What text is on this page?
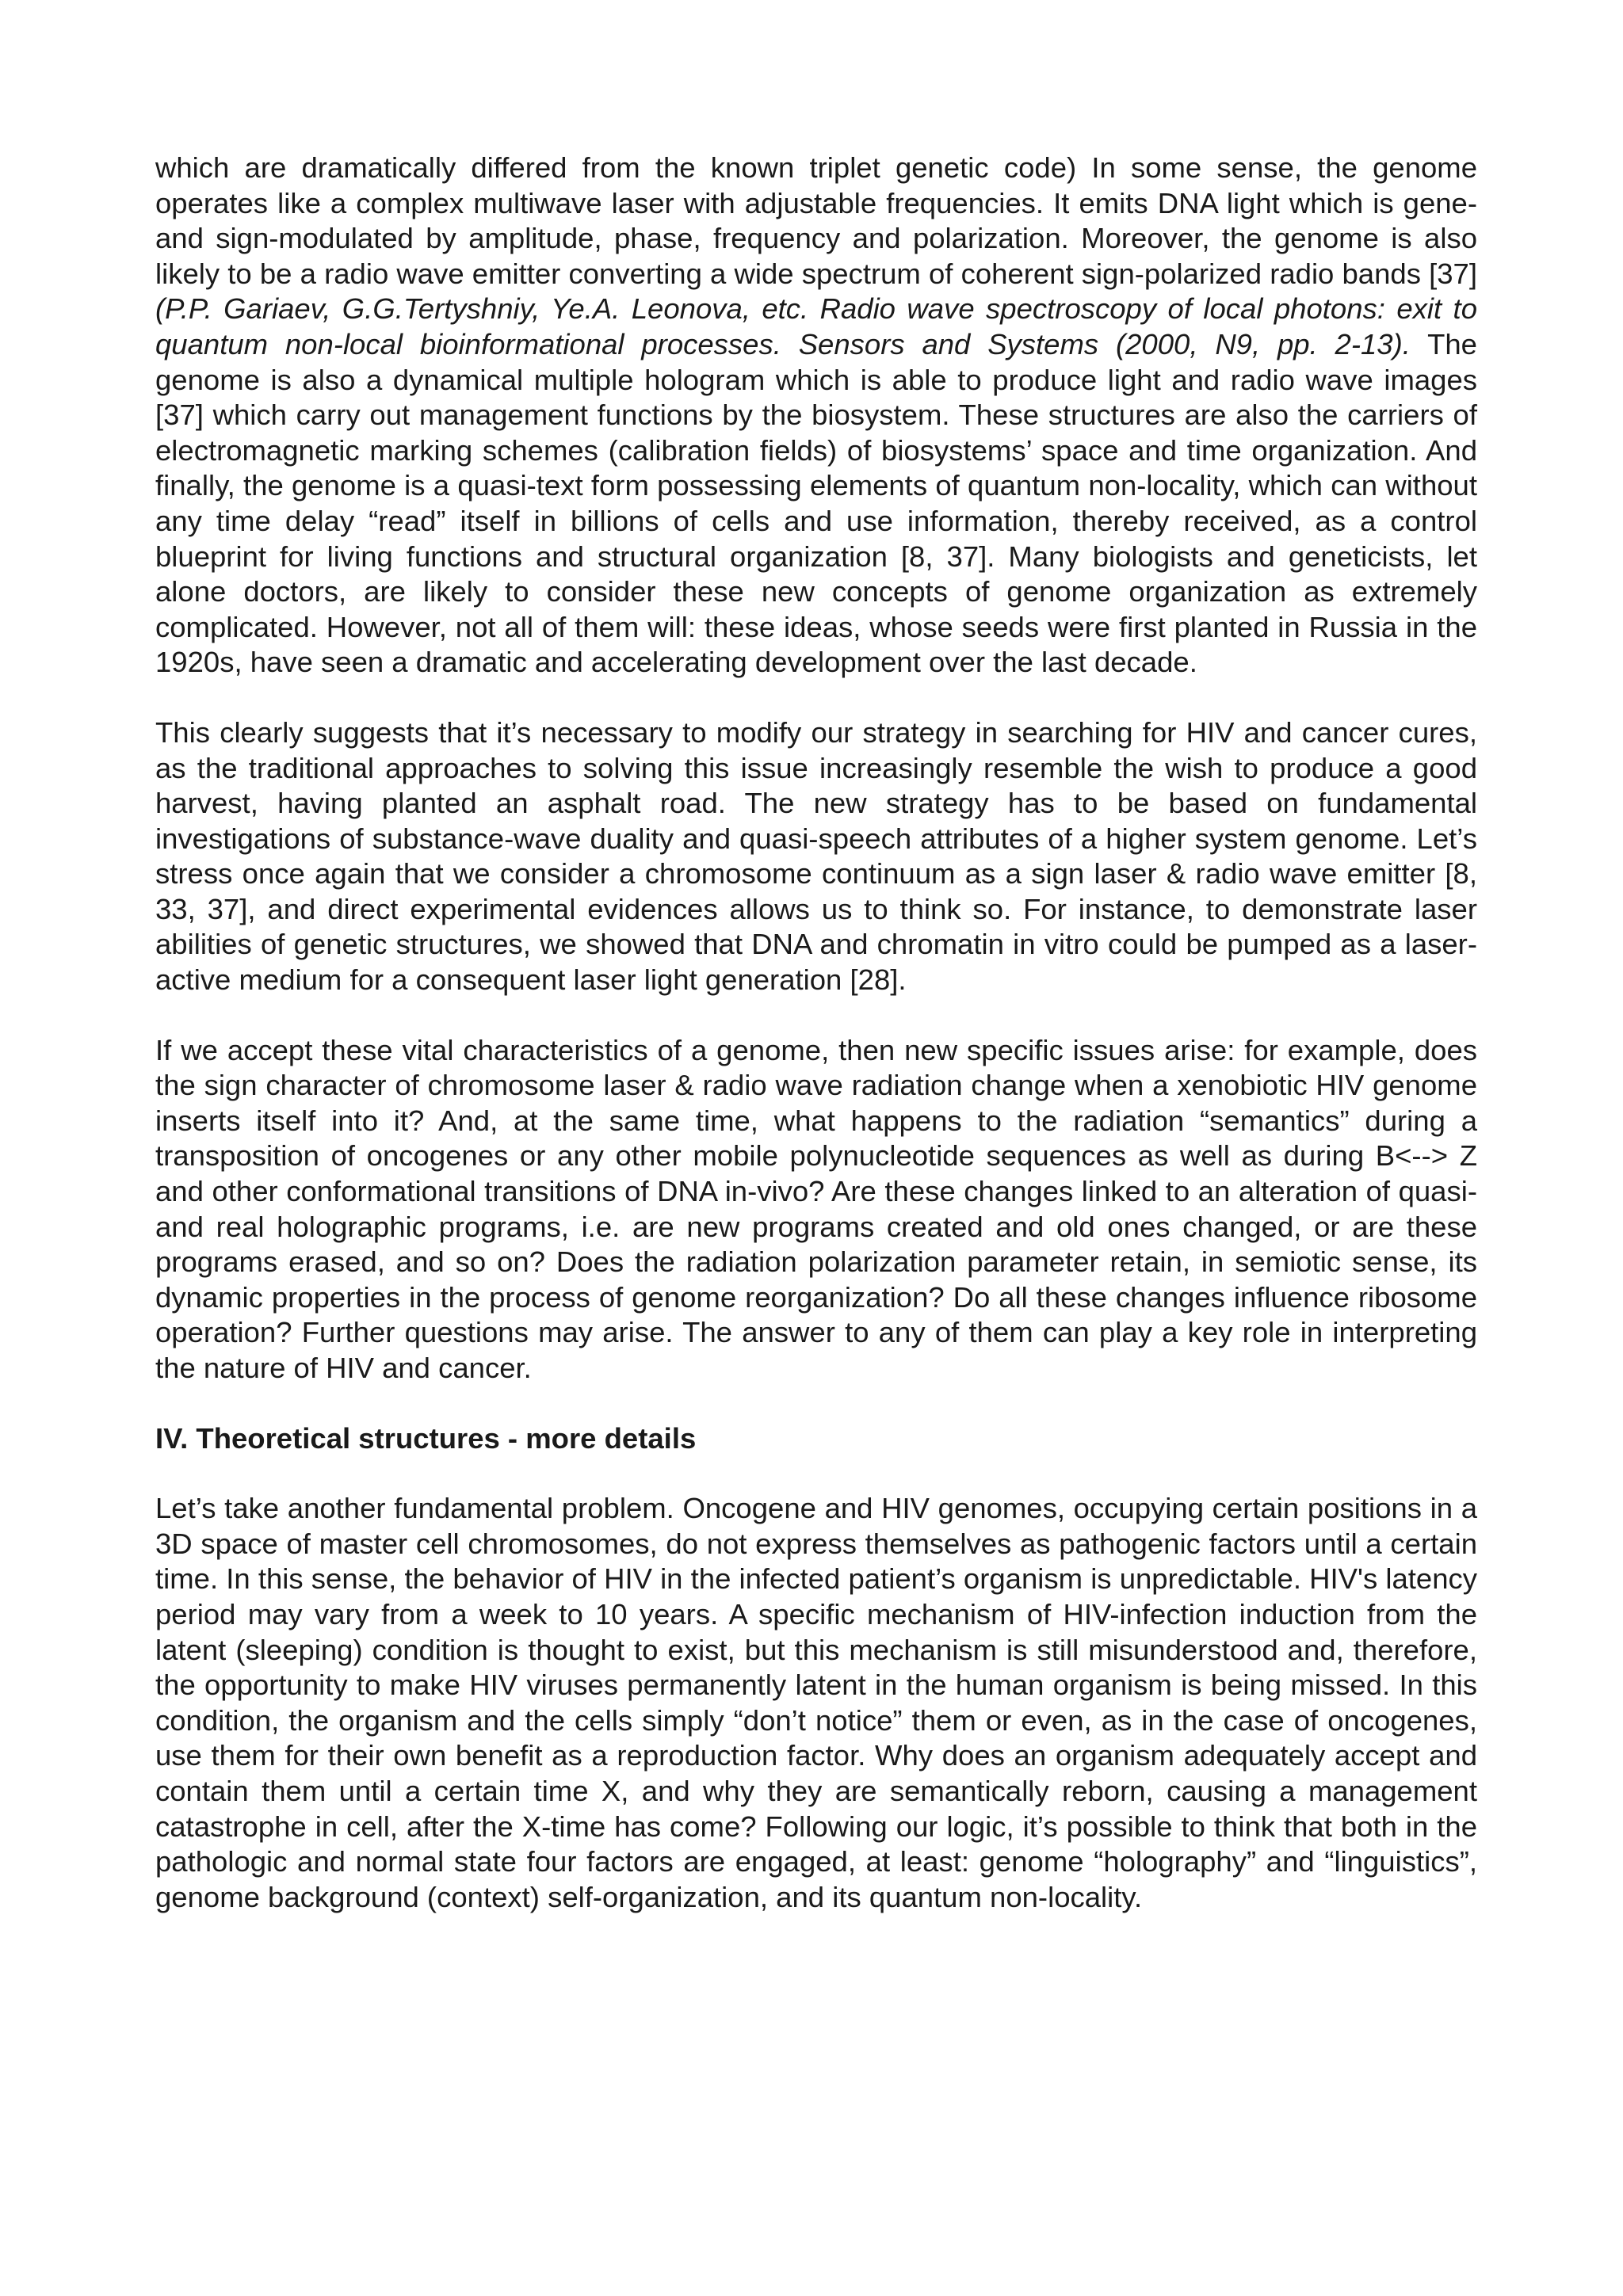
which are dramatically differed from the known triplet genetic code) In some sense, the genome operates like a complex multiwave laser with adjustable frequencies. It emits DNA light which is gene- and sign-modulated by amplitude, phase, frequency and polarization. Moreover, the genome is also likely to be a radio wave emitter converting a wide spectrum of coherent sign-polarized radio bands [37] (P.P. Gariaev, G.G.Tertyshniy, Ye.A. Leonova, etc. Radio wave spectroscopy of local photons: exit to quantum non-local bioinformational processes. Sensors and Systems (2000, N9, pp. 2-13). The genome is also a dynamical multiple hologram which is able to produce light and radio wave images [37] which carry out management functions by the biosystem. These structures are also the carriers of electromagnetic marking schemes (calibration fields) of biosystems’ space and time organization. And finally, the genome is a quasi-text form possessing elements of quantum non-locality, which can without any time delay “read” itself in billions of cells and use information, thereby received, as a control blueprint for living functions and structural organization [8, 37]. Many biologists and geneticists, let alone doctors, are likely to consider these new concepts of genome organization as extremely complicated. However, not all of them will: these ideas, whose seeds were first planted in Russia in the 1920s, have seen a dramatic and accelerating development over the last decade.

This clearly suggests that it’s necessary to modify our strategy in searching for HIV and cancer cures, as the traditional approaches to solving this issue increasingly resemble the wish to produce a good harvest, having planted an asphalt road. The new strategy has to be based on fundamental investigations of substance-wave duality and quasi-speech attributes of a higher system genome. Let’s stress once again that we consider a chromosome continuum as a sign laser & radio wave emitter [8, 33, 37], and direct experimental evidences allows us to think so. For instance, to demonstrate laser abilities of genetic structures, we showed that DNA and chromatin in vitro could be pumped as a laser-active medium for a consequent laser light generation [28].

If we accept these vital characteristics of a genome, then new specific issues arise: for example, does the sign character of chromosome laser & radio wave radiation change when a xenobiotic HIV genome inserts itself into it? And, at the same time, what happens to the radiation “semantics” during a transposition of oncogenes or any other mobile polynucleotide sequences as well as during B<--> Z and other conformational transitions of DNA in-vivo? Are these changes linked to an alteration of quasi- and real holographic programs, i.e. are new programs created and old ones changed, or are these programs erased, and so on? Does the radiation polarization parameter retain, in semiotic sense, its dynamic properties in the process of genome reorganization? Do all these changes influence ribosome operation? Further questions may arise. The answer to any of them can play a key role in interpreting the nature of HIV and cancer.

IV. Theoretical structures - more details

Let’s take another fundamental problem. Oncogene and HIV genomes, occupying certain positions in a 3D space of master cell chromosomes, do not express themselves as pathogenic factors until a certain time. In this sense, the behavior of HIV in the infected patient’s organism is unpredictable. HIV's latency period may vary from a week to 10 years. A specific mechanism of HIV-infection induction from the latent (sleeping) condition is thought to exist, but this mechanism is still misunderstood and, therefore, the opportunity to make HIV viruses permanently latent in the human organism is being missed. In this condition, the organism and the cells simply “don’t notice” them or even, as in the case of oncogenes, use them for their own benefit as a reproduction factor. Why does an organism adequately accept and contain them until a certain time X, and why they are semantically reborn, causing a management catastrophe in cell, after the X-time has come? Following our logic, it’s possible to think that both in the pathologic and normal state four factors are engaged, at least: genome “holography” and “linguistics”, genome background (context) self-organization, and its quantum non-locality.
